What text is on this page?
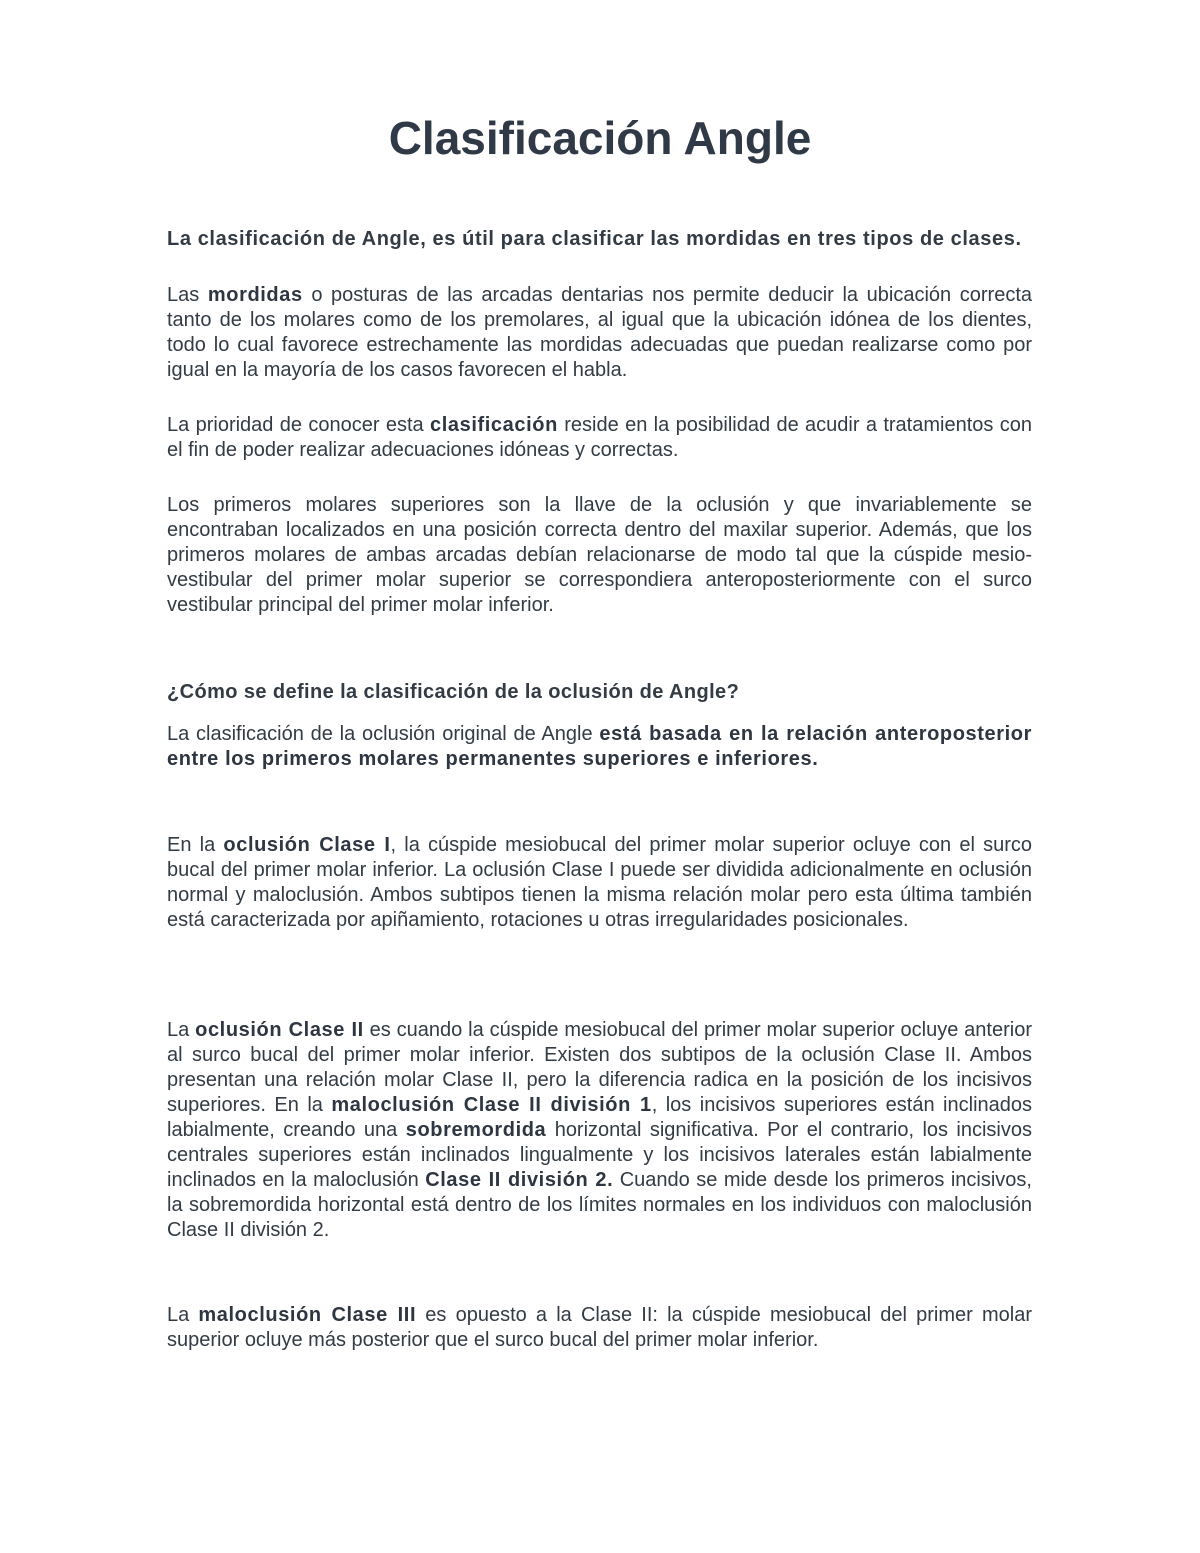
Clasificación Angle

La clasificación de Angle, es útil para clasificar las mordidas en tres tipos de clases.

Las mordidas o posturas de las arcadas dentarias nos permite deducir la ubicación correcta tanto de los molares como de los premolares, al igual que la ubicación idónea de los dientes, todo lo cual favorece estrechamente las mordidas adecuadas que puedan realizarse como por igual en la mayoría de los casos favorecen el habla.

La prioridad de conocer esta clasificación reside en la posibilidad de acudir a tratamientos con el fin de poder realizar adecuaciones idóneas y correctas.

Los primeros molares superiores son la llave de la oclusión y que invariablemente se encontraban localizados en una posición correcta dentro del maxilar superior. Además, que los primeros molares de ambas arcadas debían relacionarse de modo tal que la cúspide mesio-vestibular del primer molar superior se correspondiera anteroposteriormente con el surco vestibular principal del primer molar inferior.

¿Cómo se define la clasificación de la oclusión de Angle?

La clasificación de la oclusión original de Angle está basada en la relación anteroposterior entre los primeros molares permanentes superiores e inferiores.

En la oclusión Clase I, la cúspide mesiobucal del primer molar superior ocluye con el surco bucal del primer molar inferior. La oclusión Clase I puede ser dividida adicionalmente en oclusión normal y maloclusión. Ambos subtipos tienen la misma relación molar pero esta última también está caracterizada por apiñamiento, rotaciones u otras irregularidades posicionales.

La oclusión Clase II es cuando la cúspide mesiobucal del primer molar superior ocluye anterior al surco bucal del primer molar inferior. Existen dos subtipos de la oclusión Clase II. Ambos presentan una relación molar Clase II, pero la diferencia radica en la posición de los incisivos superiores. En la maloclusión Clase II división 1, los incisivos superiores están inclinados labialmente, creando una sobremordida horizontal significativa. Por el contrario, los incisivos centrales superiores están inclinados lingualmente y los incisivos laterales están labialmente inclinados en la maloclusión Clase II división 2. Cuando se mide desde los primeros incisivos, la sobremordida horizontal está dentro de los límites normales en los individuos con maloclusión Clase II división 2.

La maloclusión Clase III es opuesto a la Clase II: la cúspide mesiobucal del primer molar superior ocluye más posterior que el surco bucal del primer molar inferior.
